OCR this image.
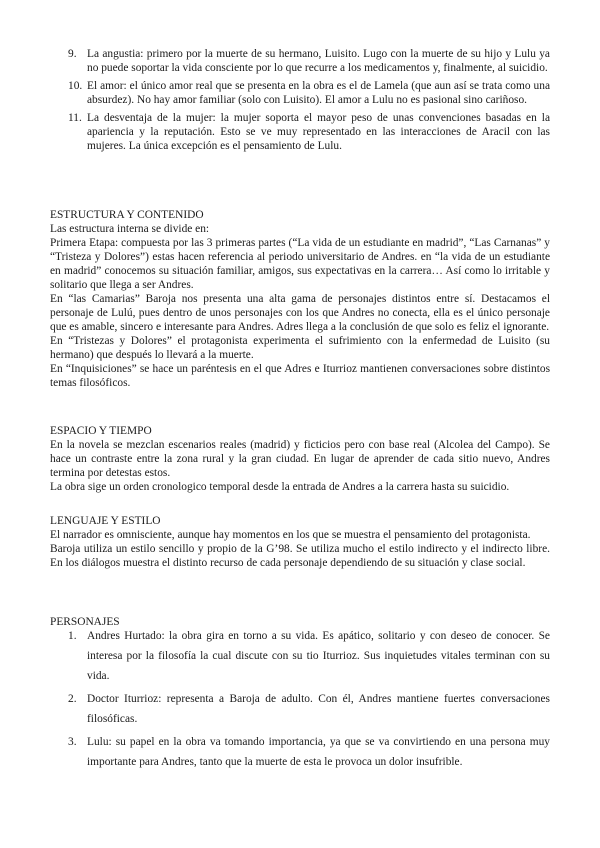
9. La angustia: primero por la muerte de su hermano, Luisito. Lugo con la muerte de su hijo y Lulu ya no puede soportar la vida consciente por lo que recurre a los medicamentos y, finalmente, al suicidio.
10. El amor: el único amor real que se presenta en la obra es el de Lamela (que aun así se trata como una absurdez). No hay amor familiar (solo con Luisito). El amor a Lulu no es pasional sino cariñoso.
11. La desventaja de la mujer: la mujer soporta el mayor peso de unas convenciones basadas en la apariencia y la reputación. Esto se ve muy representado en las interacciones de Aracil con las mujeres. La única excepción es el pensamiento de Lulu.
ESTRUCTURA Y CONTENIDO
Las estructura interna se divide en:
Primera Etapa: compuesta por las 3 primeras partes (“La vida de un estudiante en madrid”, “Las Carnanas” y “Tristeza y Dolores”) estas hacen referencia al periodo universitario de Andres. en “la vida de un estudiante en madrid” conocemos su situación familiar, amigos, sus expectativas en la carrera… Así como lo irritable y solitario que llega a ser Andres.
En “las Camarias” Baroja nos presenta una alta gama de personajes distintos entre sí. Destacamos el personaje de Lulú, pues dentro de unos personajes con los que Andres no conecta, ella es el único personaje que es amable, sincero e interesante para Andres. Adres llega a la conclusión de que solo es feliz el ignorante.
En “Tristezas y Dolores” el protagonista experimenta el sufrimiento con la enfermedad de Luisito (su hermano) que después lo llevará a la muerte.
En “Inquisiciones” se hace un paréntesis en el que Adres e Iturrioz mantienen conversaciones sobre distintos temas filosóficos.
ESPACIO Y TIEMPO
En la novela se mezclan escenarios reales (madrid) y ficticios pero con base real (Alcolea del Campo). Se hace un contraste entre la zona rural y la gran ciudad. En lugar de aprender de cada sitio nuevo, Andres termina por detestas estos.
La obra sige un orden cronologico temporal desde la entrada de Andres a la carrera hasta su suicidio.
LENGUAJE Y ESTILO
El narrador es omnisciente, aunque hay momentos en los que se muestra el pensamiento del protagonista.
Baroja utiliza un estilo sencillo y propio de la G’98. Se utiliza mucho el estilo indirecto y el indirecto libre. En los diálogos muestra el distinto recurso de cada personaje dependiendo de su situación y clase social.
PERSONAJES
1. Andres Hurtado: la obra gira en torno a su vida. Es apático, solitario y con deseo de conocer. Se interesa por la filosofía la cual discute con su tio Iturrioz. Sus inquietudes vitales terminan con su vida.
2. Doctor Iturrioz: representa a Baroja de adulto. Con él, Andres mantiene fuertes conversaciones filosóficas.
3. Lulu: su papel en la obra va tomando importancia, ya que se va convirtiendo en una persona muy importante para Andres, tanto que la muerte de esta le provoca un dolor insufrible.
